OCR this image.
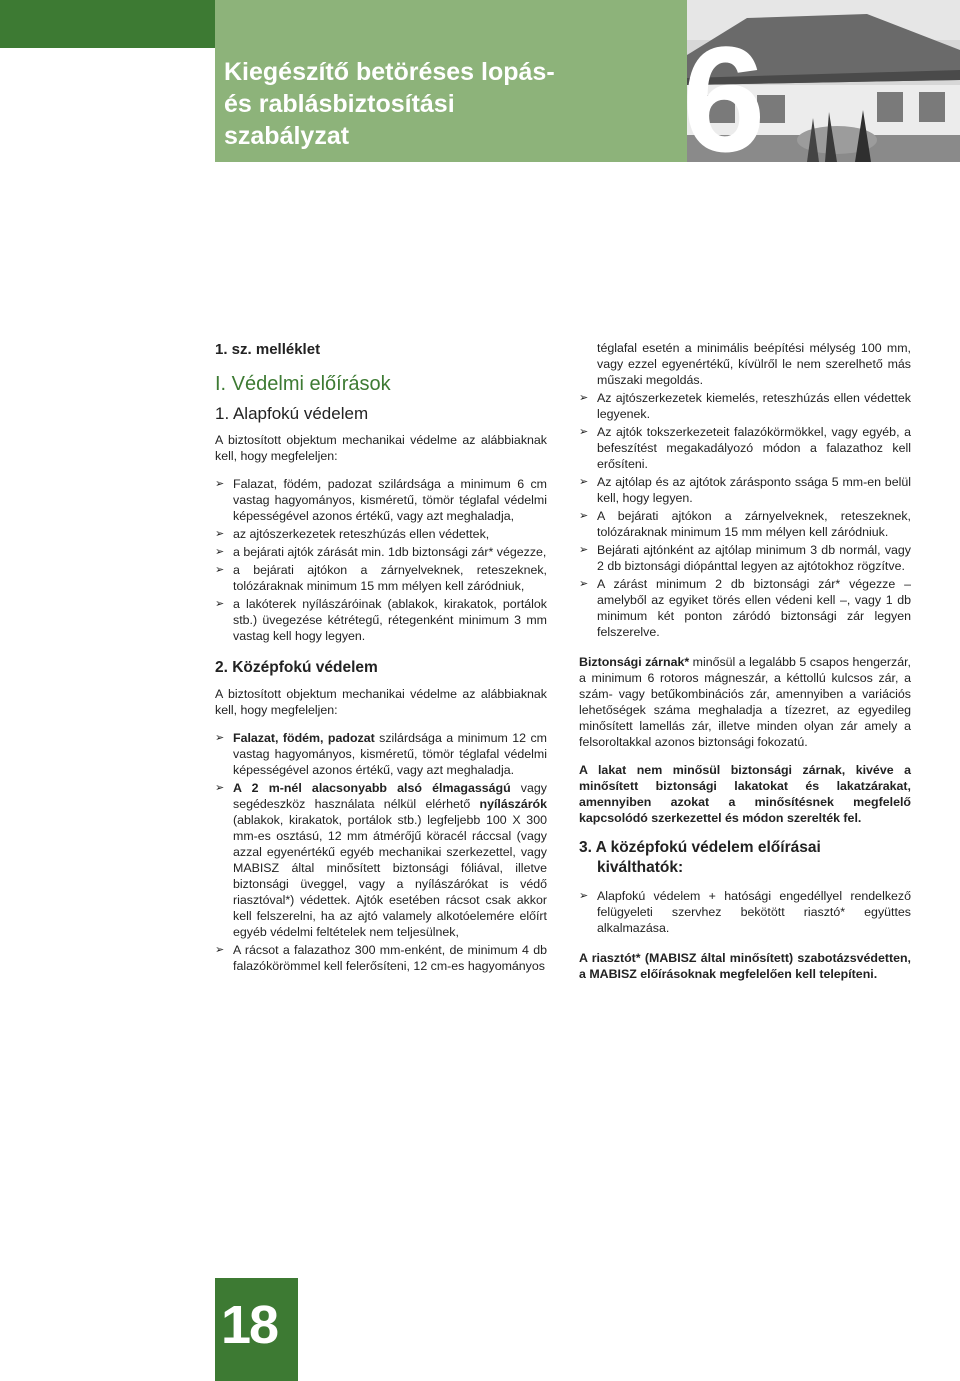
Kiegészítő betöréses lopás-
és rablásbiztosítási
szabályzat	6
1. sz. melléklet
I. Védelmi előírások
1. Alapfokú védelem

A biztosított objektum mechanikai védelme az alábbiaknak kell, hogy megfeleljen:

➢ Falazat, födém, padozat szilárdsága a minimum 6 cm vastag hagyományos, kisméretű, tömör téglafal védelmi képességével azonos értékű, vagy azt meghaladja,
➢ az ajtószerkezetek reteszhúzás ellen védettek,
➢ a bejárati ajtók zárását min. 1db biztonsági zár* végezze,
➢ a bejárati ajtókon a zárnyelveknek, reteszeknek, tolózáraknak minimum 15 mm mélyen kell záródniuk,
➢ a lakóterek nyílászáróinak (ablakok, kirakatok, portálok stb.) üvegezése kétrétegű, rétegenként minimum 3 mm vastag kell hogy legyen.
2. Középfokú védelem

A biztosított objektum mechanikai védelme az alábbiaknak kell, hogy megfeleljen:

➢ Falazat, födém, padozat szilárdsága a minimum 12 cm vastag hagyományos, kisméretű, tömör téglafal védelmi képességével azonos értékű, vagy azt meghaladja.
➢ A 2 m-nél alacsonyabb alsó élmagasságú vagy segédeszköz használata nélkül elérhető nyílászárók (ablakok, kirakatok, portálok stb.) legfeljebb 100 X 300 mm-es osztású, 12 mm átmérőjű köracél ráccsal (vagy azzal egyenértékű egyéb mechanikai szerkezettel, vagy MABISZ által minősített biztonsági fóliával, illetve biztonsági üveggel, vagy a nyílászárókat is védő riasztóval*) védettek. Ajtók esetében rácsot csak akkor kell felszerelni, ha az ajtó valamely alkotóelemére előírt egyéb védelmi feltételek nem teljesülnek,
➢ A rácsot a falazathoz 300 mm-enként, de minimum 4 db falazókörömmel kell felerősíteni, 12 cm-es hagyományos
téglafal esetén a minimális beépítési mélység 100 mm, vagy ezzel egyenértékű, kívülről le nem szerelhető más műszaki megoldás.
➢ Az ajtószerkezetek kiemelés, reteszhúzás ellen védettek legyenek.
➢ Az ajtók tokszerkezeteit falazókörmökkel, vagy egyéb, a befeszítést megakadályozó módon a falazathoz kell erősíteni.
➢ Az ajtólap és az ajtótok zárásponto ssága 5 mm-en belül kell, hogy legyen.
➢ A bejárati ajtókon a zárnyelveknek, reteszeknek, tolózáraknak minimum 15 mm mélyen kell záródniuk.
➢ Bejárati ajtónként az ajtólap minimum 3 db normál, vagy 2 db biztonsági diópánttal legyen az ajtótokhoz rögzítve.
➢ A zárást minimum 2 db biztonsági zár* végezze – amelyből az egyiket törés ellen védeni kell –, vagy 1 db minimum két ponton záródó biztonsági zár legyen felszerelve.

Biztonsági zárnak* minősül a legalább 5 csapos hengerzár, a minimum 6 rotoros mágneszár, a kéttollú kulcsos zár, a szám- vagy betűkombinációs zár, amennyiben a variációs lehetőségek száma meghaladja a tízezret, az egyedileg minősített lamellás zár, illetve minden olyan zár amely a felsoroltakkal azonos biztonsági fokozatú.

A lakat nem minősül biztonsági zárnak, kivéve a minősített biztonsági lakatokat és lakatzárakat, amennyiben azokat a minősítésnek megfelelő kapcsolódó szerkezettel és módon szerelték fel.

3. A középfokú védelem előírásai
kiválthatók:
➢ Alapfokú védelem + hatósági engedéllyel rendelkező felügyeleti szervhez bekötött riasztó* együttes alkalmazása.

A riasztót* (MABISZ által minősített) szabotázsvédetten, a MABISZ előírásoknak megfelelően kell telepíteni.

18
